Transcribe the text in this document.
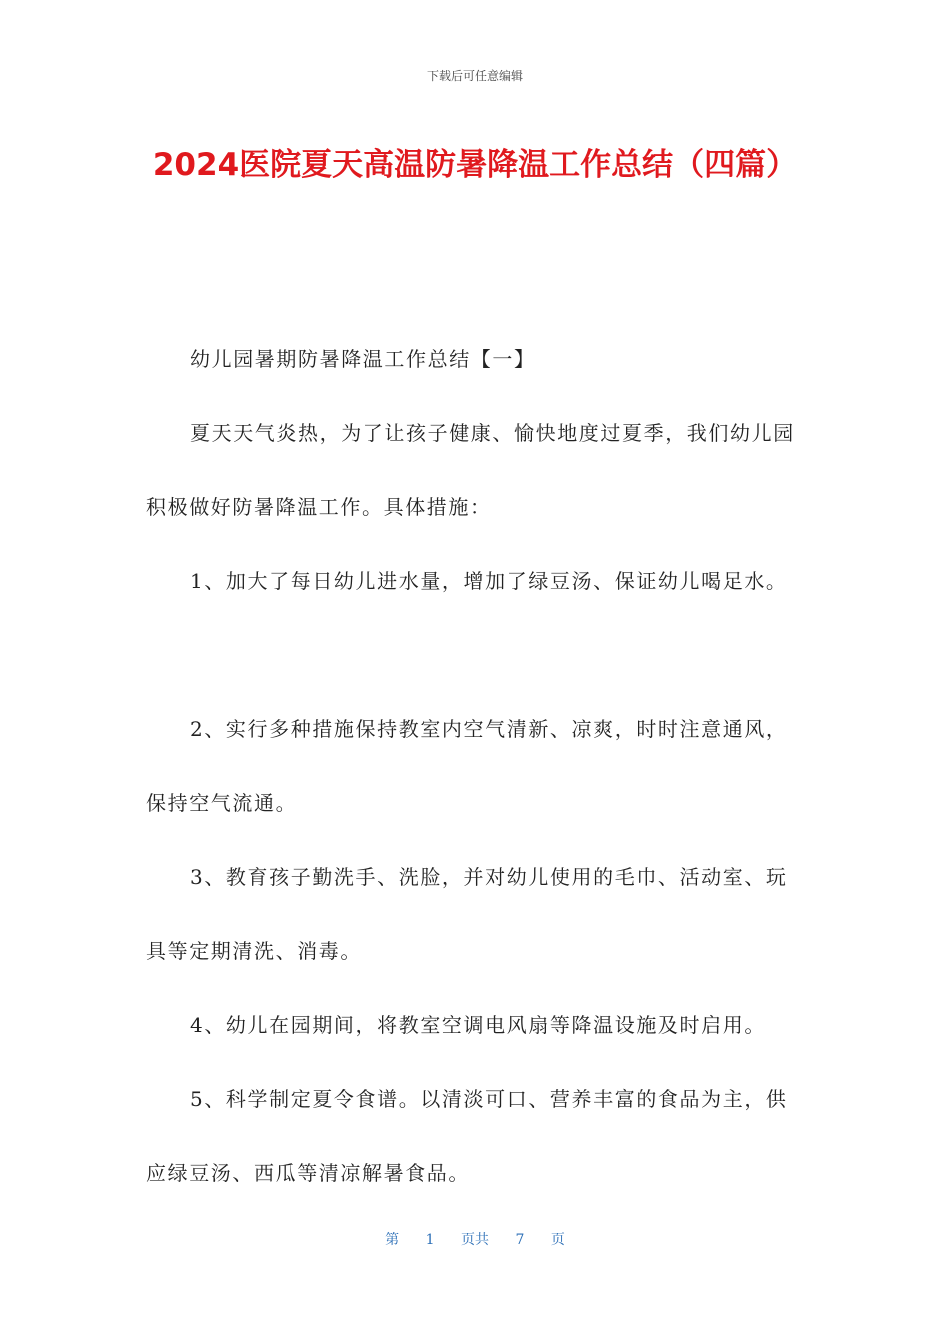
下载后可任意编辑
2024医院夏天高温防暑降温工作总结（四篇）

幼儿园暑期防暑降温工作总结【一】

夏天天气炎热，为了让孩子健康、愉快地度过夏季，我们幼儿园积极做好防暑降温工作。具体措施：

1、加大了每日幼儿进水量，增加了绿豆汤、保证幼儿喝足水。

2、实行多种措施保持教室内空气清新、凉爽，时时注意通风，保持空气流通。

3、教育孩子勤洗手、洗脸，并对幼儿使用的毛巾、活动室、玩具等定期清洗、消毒。

4、幼儿在园期间，将教室空调电风扇等降温设施及时启用。

5、科学制定夏令食谱。以清淡可口、营养丰富的食品为主，供应绿豆汤、西瓜等清凉解暑食品。

第 1 页共 7 页
